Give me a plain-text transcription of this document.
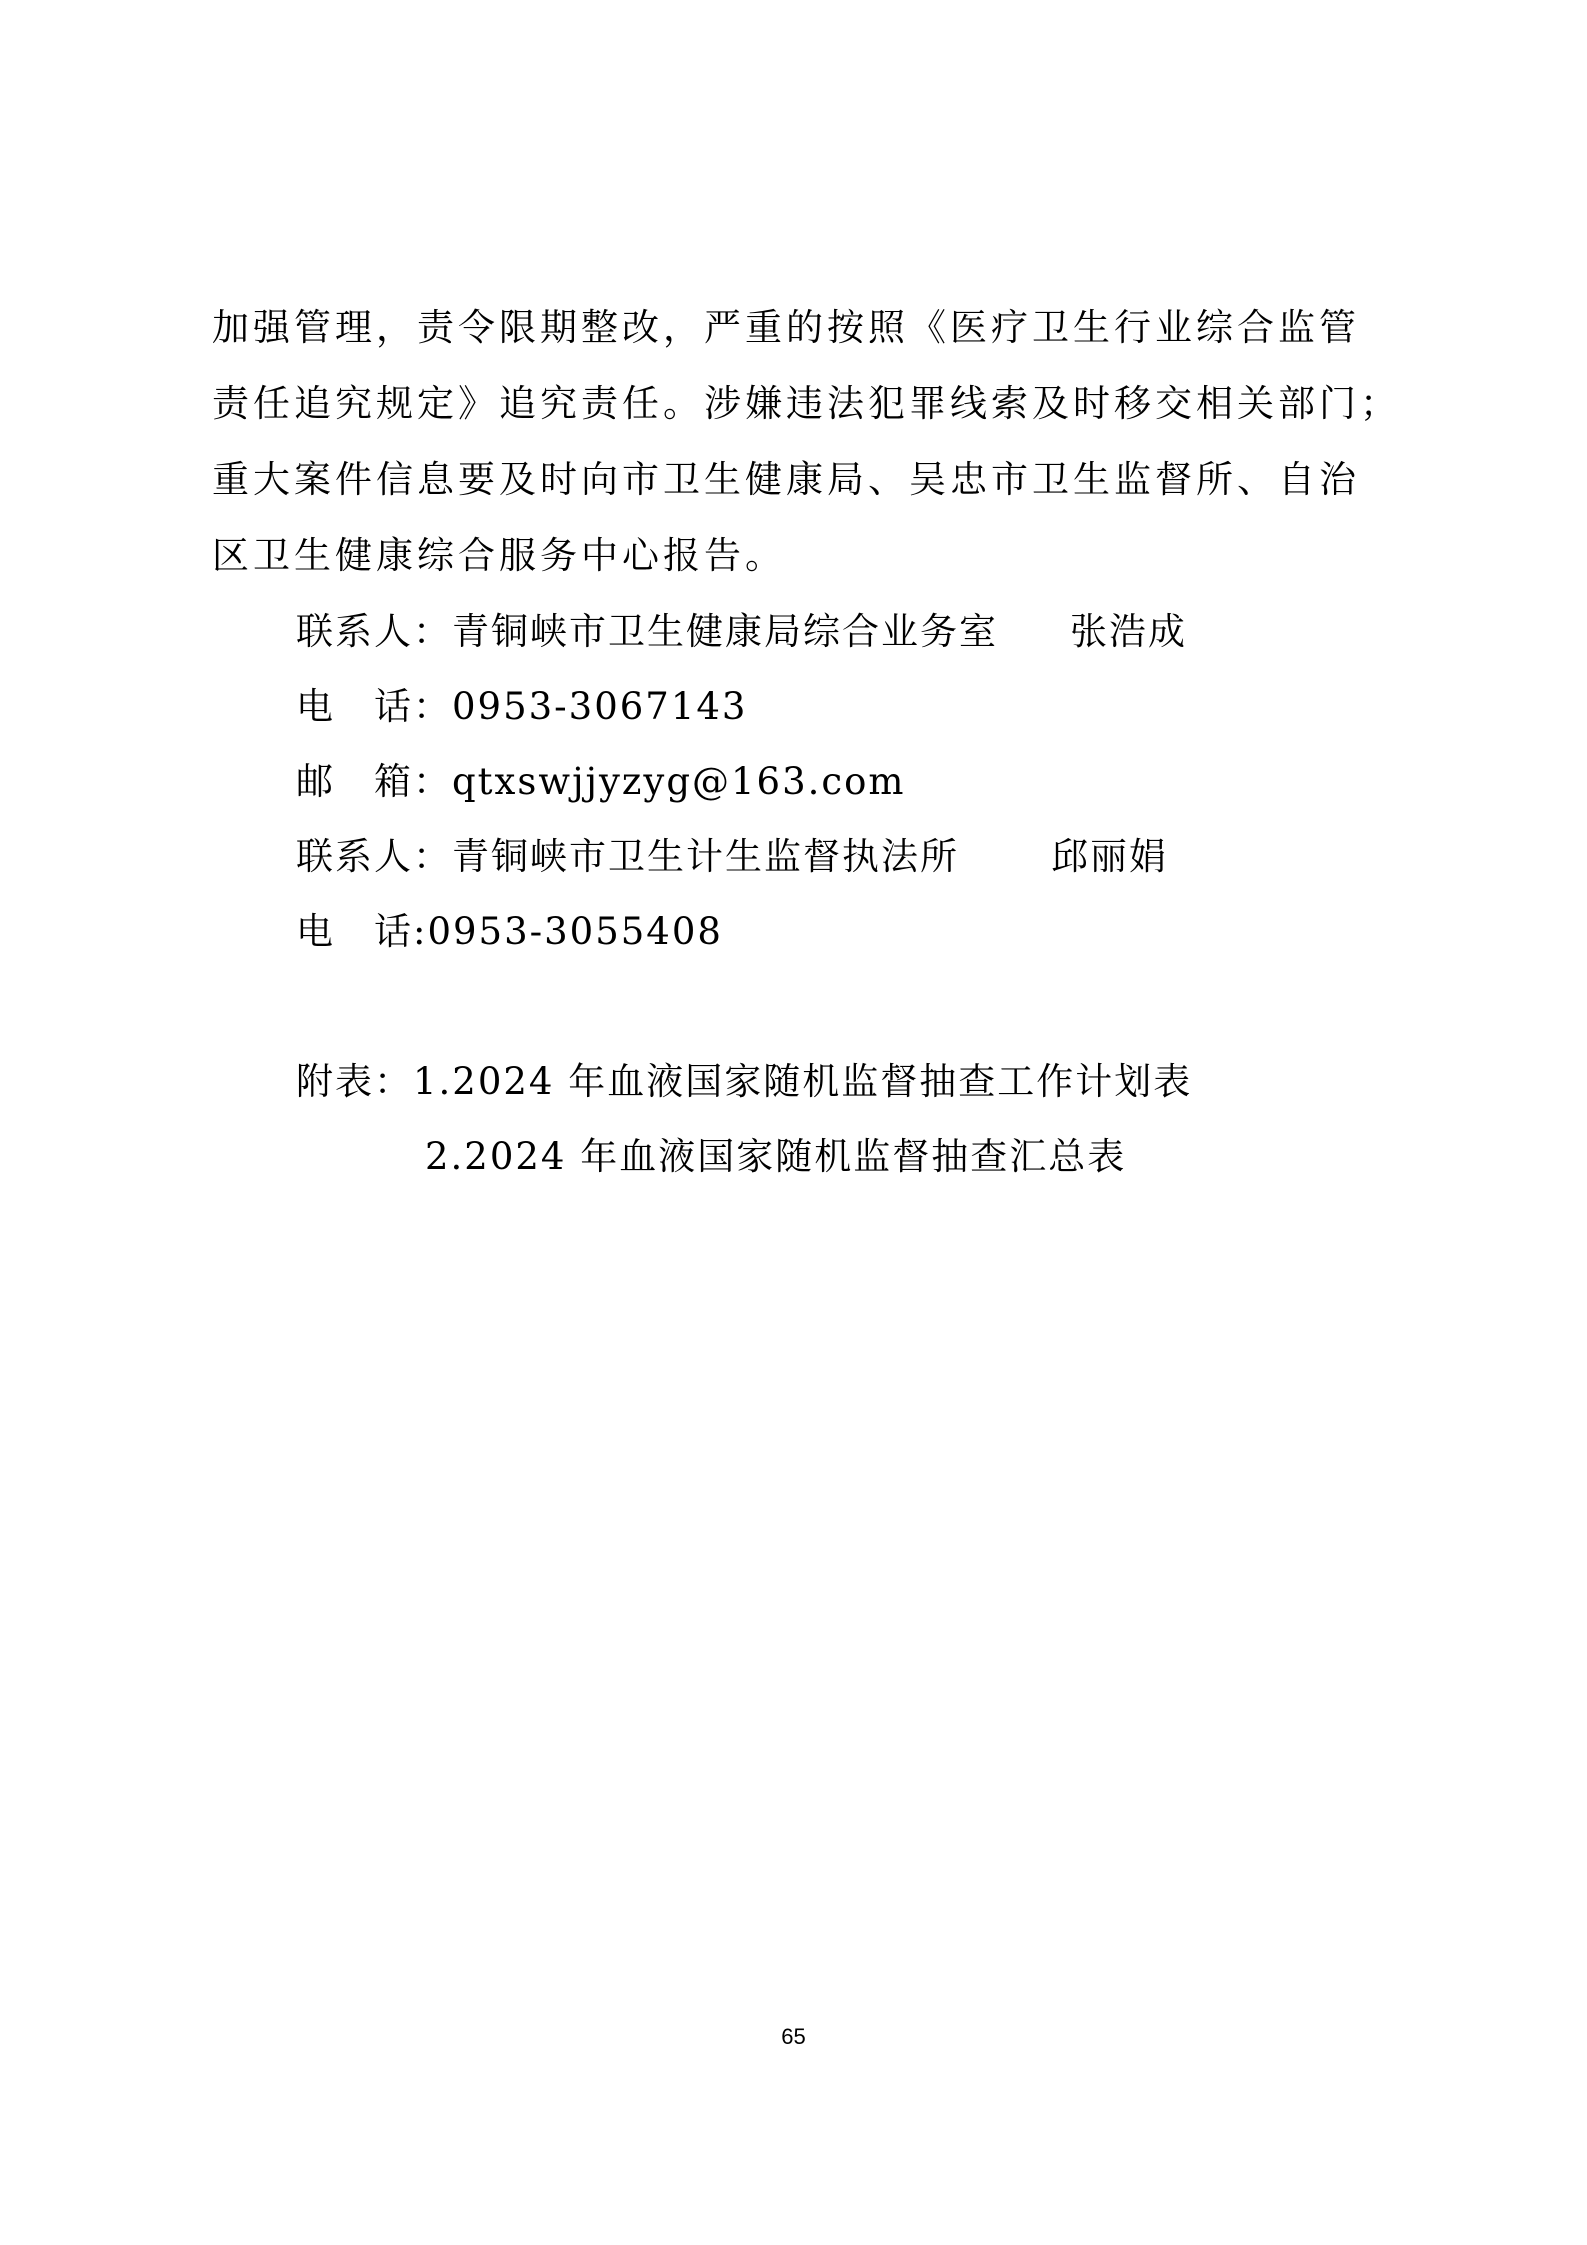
加强管理，责令限期整改，严重的按照《医疗卫生行业综合监管
责任追究规定》追究责任。涉嫌违法犯罪线索及时移交相关部门；
重大案件信息要及时向市卫生健康局、吴忠市卫生监督所、自治
区卫生健康综合服务中心报告。

联系人：青铜峡市卫生健康局综合业务室 张浩成
电　话：0953-3067143
邮　箱：qtxswjjyzyg@163.com
联系人：青铜峡市卫生计生监督执法所 邱丽娟
电　话:0953-3055408
附表：1.2024 年血液国家随机监督抽查工作计划表
2.2024 年血液国家随机监督抽查汇总表
65
